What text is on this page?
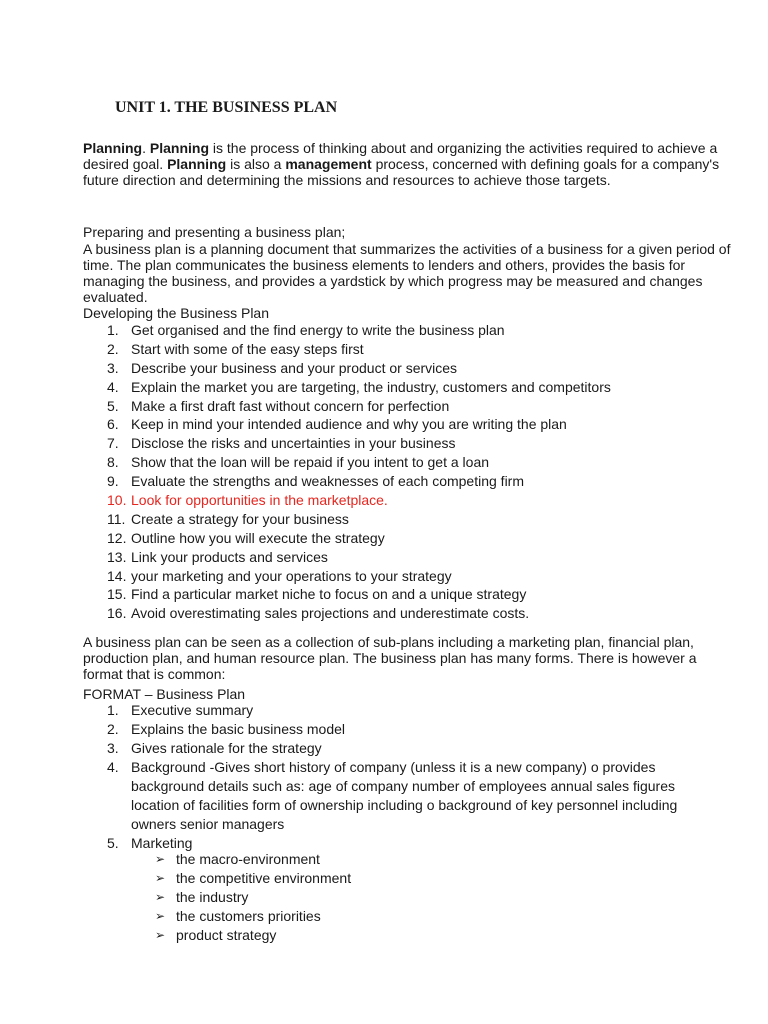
UNIT 1. THE BUSINESS PLAN

Planning. Planning is the process of thinking about and organizing the activities required to achieve a desired goal. Planning is also a management process, concerned with defining goals for a company's future direction and determining the missions and resources to achieve those targets.

Preparing and presenting a business plan;

A business plan is a planning document that summarizes the activities of a business for a given period of time. The plan communicates the business elements to lenders and others, provides the basis for managing the business, and provides a yardstick by which progress may be measured and changes evaluated.

Developing the Business Plan

1. Get organised and the find energy to write the business plan
2. Start with some of the easy steps first
3. Describe your business and your product or services
4. Explain the market you are targeting, the industry, customers and competitors
5. Make a first draft fast without concern for perfection
6. Keep in mind your intended audience and why you are writing the plan
7. Disclose the risks and uncertainties in your business
8. Show that the loan will be repaid if you intent to get a loan
9. Evaluate the strengths and weaknesses of each competing firm
10. Look for opportunities in the marketplace.
11. Create a strategy for your business
12. Outline how you will execute the strategy
13. Link your products and services
14. your marketing and your operations to your strategy
15. Find a particular market niche to focus on and a unique strategy
16. Avoid overestimating sales projections and underestimate costs.

A business plan can be seen as a collection of sub-plans including a marketing plan, financial plan, production plan, and human resource plan. The business plan has many forms. There is however a format that is common:

FORMAT – Business Plan

1. Executive summary
2. Explains the basic business model
3. Gives rationale for the strategy
4. Background -Gives short history of company (unless it is a new company) o provides background details such as: age of company number of employees annual sales figures location of facilities form of ownership including o background of key personnel including owners senior managers
5. Marketing
➢ the macro-environment
➢ the competitive environment
➢ the industry
➢ the customers priorities
➢ product strategy
